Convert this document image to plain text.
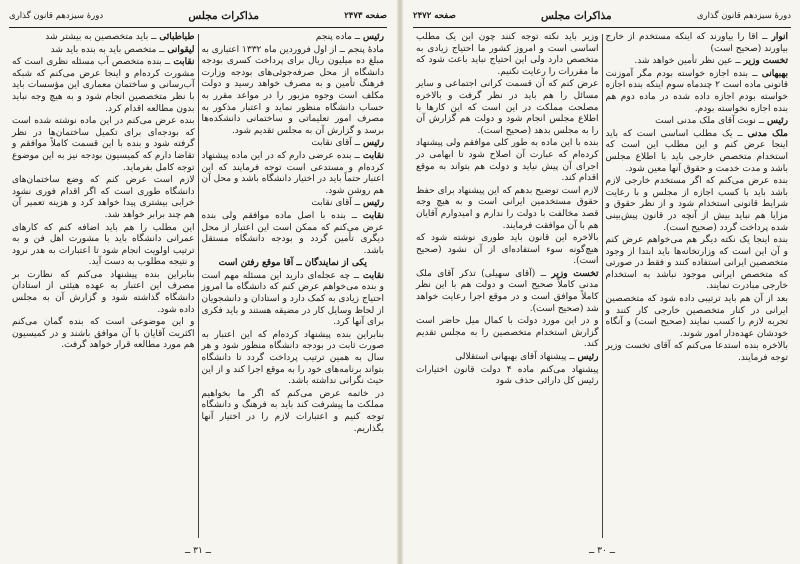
صفحه ۲۴۷۳
مذاکرات مجلس
دورهٔ سیزدهم قانون گذاری

رئیس ــ ماده پنجم

مادهٔ پنجم ــ از اول فروردین ماه ۱۳۳۲ اعتباری به مبلغ ده میلیون ریال برای پرداخت کسری بودجه دانشگاه از محل صرفه‌جوئی‌های بودجه وزارت فرهنگ تأمین و به مصرف خواهد رسید و دولت مکلف است وجوه مزبور را در مواعد مقرر به حساب دانشگاه منظور نماید و اعتبار مذکور به مصرف امور تعلیماتی و ساختمانی دانشکده‌ها برسد و گزارش آن به مجلس تقدیم شود.

رئیس ــ آقای نقابت

نقابت ــ بنده عرضی دارم که در این ماده پیشنهاد کرده‌ام و مستدعی است توجه فرمایند که این اعتبار حتماً باید در اختیار دانشگاه باشد و محل آن هم روشن شود.

رئیس ــ آقای نقابت

نقابت ــ بنده با اصل ماده موافقم ولی بنده عرض می‌کنم که ممکن است این اعتبار از محل دیگری تأمین گردد و بودجه دانشگاه مستقل باشد.

یکی از نمایندگان ــ آقا موقع رفتن است

نقابت ــ چه عجله‌ای دارید این مسئله مهم است و بنده می‌خواهم عرض کنم که دانشگاه ما امروز احتیاج زیادی به کمک دارد و استادان و دانشجویان از لحاظ وسایل کار در مضیقه هستند و باید فکری برای آنها کرد.

بنابراین بنده پیشنهاد کرده‌ام که این اعتبار به صورت ثابت در بودجه دانشگاه منظور شود و هر سال به همین ترتیب پرداخت گردد تا دانشگاه بتواند برنامه‌های خود را به موقع اجرا کند و از این حیث نگرانی نداشته باشد.

در خاتمه عرض می‌کنم که اگر ما بخواهیم مملکت ما پیشرفت کند باید به فرهنگ و دانشگاه توجه کنیم و اعتبارات لازم را در اختیار آنها بگذاریم.

طباطبائی ــ باید متخصصین به بیشتر شد

لیقوانی ــ متخصص باید به بنده باید شد

نقابت ــ بنده متخصص آب مسئله نظری است که مشورت کرده‌ام و اینجا عرض می‌کنم که شبکه آب‌رسانی و ساختمان معماری این مؤسسات باید با نظر متخصصین انجام شود و به هیچ وجه نباید بدون مطالعه اقدام کرد.

بنده عرض می‌کنم در این ماده نوشته شده است که بودجه‌ای برای تکمیل ساختمان‌ها در نظر گرفته شود و بنده با این قسمت کاملاً موافقم و تقاضا دارم که کمیسیون بودجه نیز به این موضوع توجه کامل بفرماید.

لازم است عرض کنم که وضع ساختمان‌های دانشگاه طوری است که اگر اقدام فوری نشود خرابی بیشتری پیدا خواهد کرد و هزینه تعمیر آن هم چند برابر خواهد شد.

این مطلب را هم باید اضافه کنم که کارهای عمرانی دانشگاه باید با مشورت اهل فن و به ترتیب اولویت انجام شود تا اعتبارات به هدر نرود و نتیجه مطلوب به دست آید.

بنابراین بنده پیشنهاد می‌کنم که نظارت بر مصرف این اعتبار به عهده هیئتی از استادان دانشگاه گذاشته شود و گزارش آن به مجلس داده شود.

و این موضوعی است که بنده گمان می‌کنم اکثریت آقایان با آن موافق باشند و در کمیسیون هم مورد مطالعه قرار خواهد گرفت.

ــ ۳۱ ــ
دورهٔ سیزدهم قانون گذاری
مذاکرات مجلس
صفحه ۲۴۷۲

انوار ــ آقا را بیاورند که اینکه مستخدم از خارج بیاورند (صحیح است)

تخست وزیر ــ عین نظر تأمین خواهد شد.

بهبهانی ــ بنده اجازه خواسته بودم مگر آموزنت قانونی ماده است ۲ چندماه سوم اینکه بنده اجازه خواسته بودم اجازه داده شده در ماده دوم هم بنده اجازه نخواسته بودم.

رئیس ــ نوبت آقای ملک مدنی است

ملک مدنی ــ یک مطلب اساسی است که باید اینجا عرض کنم و این مطلب این است که استخدام متخصص خارجی باید با اطلاع مجلس باشد و مدت خدمت و حقوق آنها معین شود.

بنده عرض می‌کنم که اگر مستخدم خارجی لازم باشد باید با کسب اجازه از مجلس و با رعایت شرایط قانونی استخدام شود و از نظر حقوق و مزایا هم نباید بیش از آنچه در قانون پیش‌بینی شده پرداخت گردد (صحیح است).

بنده اینجا یک نکته دیگر هم می‌خواهم عرض کنم و آن این است که وزارتخانه‌ها باید ابتدا از وجود متخصصین ایرانی استفاده کنند و فقط در صورتی که متخصص ایرانی موجود نباشد به استخدام خارجی مبادرت نمایند.

بعد از آن هم باید ترتیبی داده شود که متخصصین ایرانی در کنار متخصصین خارجی کار کنند و تجربه لازم را کسب نمایند (صحیح است) و آنگاه خودشان عهده‌دار امور شوند.

بالاخره بنده استدعا می‌کنم که آقای تخست وزیر توجه فرمایند.

وزیر باید نکته توجه کنند چون این یک مطلب اساسی است و امروز کشور ما احتیاج زیادی به متخصص دارد ولی این احتیاج نباید باعث شود که ما مقررات را رعایت نکنیم.

عرض کنم که آن قسمت کرانی اجتماعی و سایر مسائل را هم باید در نظر گرفت و بالاخره مصلحت مملکت در این است که این کارها با اطلاع مجلس انجام شود و دولت هم گزارش آن را به مجلس بدهد (صحیح است).

بنده با این ماده به طور کلی موافقم ولی پیشنهاد کرده‌ام که عبارت آن اصلاح شود تا ابهامی در اجرای آن پیش نیاید و دولت هم بتواند به موقع اقدام کند.

لازم است توضیح بدهم که این پیشنهاد برای حفظ حقوق مستخدمین ایرانی است و به هیچ وجه قصد مخالفت با دولت را ندارم و امیدوارم آقایان هم با آن موافقت فرمایند.

بالاخره این قانون باید طوری نوشته شود که هیچ‌گونه سوء استفاده‌ای از آن نشود (صحیح است).

تخست وزیر ــ (آقای سهیلی) تذکر آقای ملک مدنی کاملاً صحیح است و دولت هم با این نظر کاملاً موافق است و در موقع اجرا رعایت خواهد شد (صحیح است).

و در این مورد دولت با کمال میل حاضر است گزارش استخدام متخصصین را به مجلس تقدیم کند.

رئیس ــ پیشنهاد آقای بهبهانی استقلالی

پیشنهاد می‌کنم ماده ۴ دولت قانون اختیارات رئیس کل دارائی حذف شود

ــ ۳۰ ــ
